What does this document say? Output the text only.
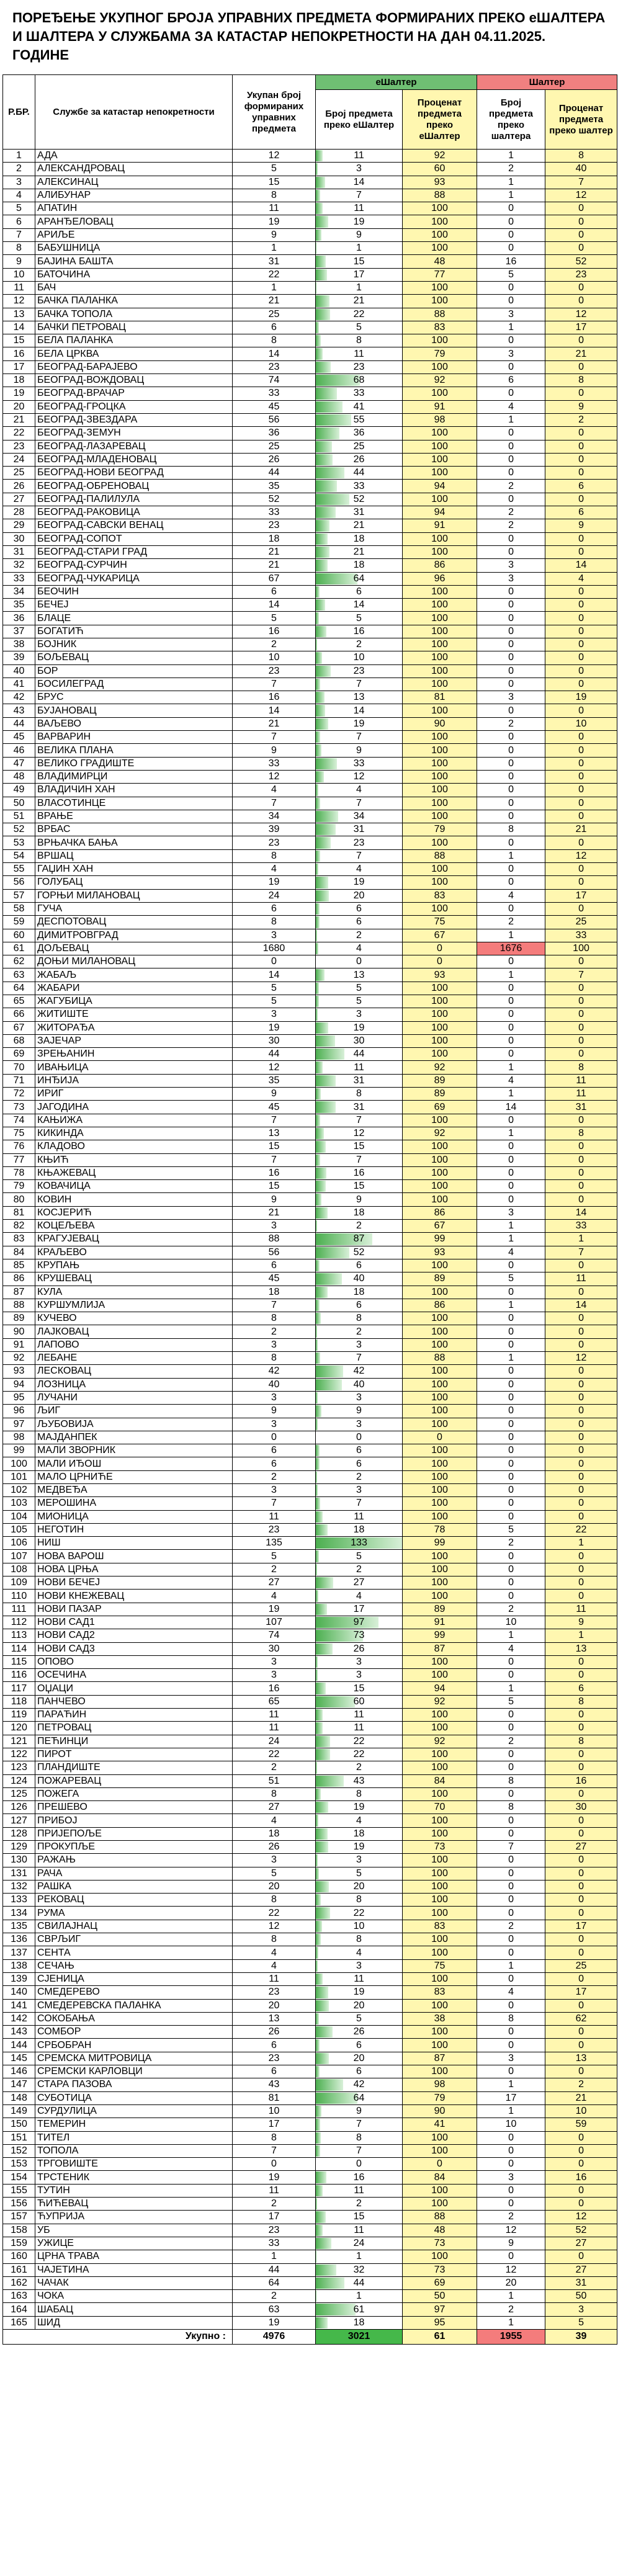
ПОРЕЂЕЊЕ УКУПНОГ БРОЈА УПРАВНИХ ПРЕДМЕТА ФОРМИРАНИХ ПРЕКО еШАЛТЕРА И ШАЛТЕРА У СЛУЖБАМА ЗА КАТАСТАР НЕПОКРЕТНОСТИ НА ДАН 04.11.2025. ГОДИНЕ
Р.БР.	Службе за катастар непокретности	Укупан број формираних управних предмета	еШалтер		Шалтер	
			Број предмета преко еШалтер	Проценат предмета преко еШалтер	Број предмета преко шалтера	Проценат предмета преко шалтер
1	АДА	12	11	92	1	8
2	АЛЕКСАНДРОВАЦ	5	3	60	2	40
3	АЛЕКСИНАЦ	15	14	93	1	7
4	АЛИБУНАР	8	7	88	1	12
5	АПАТИН	11	11	100	0	0
6	АРАНЂЕЛОВАЦ	19	19	100	0	0
7	АРИЉЕ	9	9	100	0	0
8	БАБУШНИЦА	1	1	100	0	0
9	БАЈИНА БАШТА	31	15	48	16	52
10	БАТОЧИНА	22	17	77	5	23
11	БАЧ	1	1	100	0	0
12	БАЧКА ПАЛАНКА	21	21	100	0	0
13	БАЧКА ТОПОЛА	25	22	88	3	12
14	БАЧКИ ПЕТРОВАЦ	6	5	83	1	17
15	БЕЛА ПАЛАНКА	8	8	100	0	0
16	БЕЛА ЦРКВА	14	11	79	3	21
17	БЕОГРАД-БАРАЈЕВО	23	23	100	0	0
18	БЕОГРАД-ВОЖДОВАЦ	74	68	92	6	8
19	БЕОГРАД-ВРАЧАР	33	33	100	0	0
20	БЕОГРАД-ГРОЦКА	45	41	91	4	9
21	БЕОГРАД-ЗВЕЗДАРА	56	55	98	1	2
22	БЕОГРАД-ЗЕМУН	36	36	100	0	0
23	БЕОГРАД-ЛАЗАРЕВАЦ	25	25	100	0	0
24	БЕОГРАД-МЛАДЕНОВАЦ	26	26	100	0	0
25	БЕОГРАД-НОВИ БЕОГРАД	44	44	100	0	0
26	БЕОГРАД-ОБРЕНОВАЦ	35	33	94	2	6
27	БЕОГРАД-ПАЛИЛУЛА	52	52	100	0	0
28	БЕОГРАД-РАКОВИЦА	33	31	94	2	6
29	БЕОГРАД-САВСКИ ВЕНАЦ	23	21	91	2	9
30	БЕОГРАД-СОПОТ	18	18	100	0	0
31	БЕОГРАД-СТАРИ ГРАД	21	21	100	0	0
32	БЕОГРАД-СУРЧИН	21	18	86	3	14
33	БЕОГРАД-ЧУКАРИЦА	67	64	96	3	4
34	БЕОЧИН	6	6	100	0	0
35	БЕЧЕЈ	14	14	100	0	0
36	БЛАЦЕ	5	5	100	0	0
37	БОГАТИЋ	16	16	100	0	0
38	БОЈНИК	2	2	100	0	0
39	БОЉЕВАЦ	10	10	100	0	0
40	БОР	23	23	100	0	0
41	БОСИЛЕГРАД	7	7	100	0	0
42	БРУС	16	13	81	3	19
43	БУЈАНОВАЦ	14	14	100	0	0
44	ВАЉЕВО	21	19	90	2	10
45	ВАРВАРИН	7	7	100	0	0
46	ВЕЛИКА ПЛАНА	9	9	100	0	0
47	ВЕЛИКО ГРАДИШТЕ	33	33	100	0	0
48	ВЛАДИМИРЦИ	12	12	100	0	0
49	ВЛАДИЧИН ХАН	4	4	100	0	0
50	ВЛАСОТИНЦЕ	7	7	100	0	0
51	ВРАЊЕ	34	34	100	0	0
52	ВРБАС	39	31	79	8	21
53	ВРЊАЧКА БАЊА	23	23	100	0	0
54	ВРШАЦ	8	7	88	1	12
55	ГАЏИН ХАН	4	4	100	0	0
56	ГОЛУБАЦ	19	19	100	0	0
57	ГОРЊИ МИЛАНОВАЦ	24	20	83	4	17
58	ГУЧА	6	6	100	0	0
59	ДЕСПОТОВАЦ	8	6	75	2	25
60	ДИМИТРОВГРАД	3	2	67	1	33
61	ДОЉЕВАЦ	1680	4	0	1676	100
62	ДОЊИ МИЛАНОВАЦ	0	0	0	0	0
63	ЖАБАЉ	14	13	93	1	7
64	ЖАБАРИ	5	5	100	0	0
65	ЖАГУБИЦА	5	5	100	0	0
66	ЖИТИШТЕ	3	3	100	0	0
67	ЖИТОРАЂА	19	19	100	0	0
68	ЗАЈЕЧАР	30	30	100	0	0
69	ЗРЕЊАНИН	44	44	100	0	0
70	ИВАЊИЦА	12	11	92	1	8
71	ИНЂИЈА	35	31	89	4	11
72	ИРИГ	9	8	89	1	11
73	ЈАГОДИНА	45	31	69	14	31
74	КАЊИЖА	7	7	100	0	0
75	КИКИНДА	13	12	92	1	8
76	КЛАДОВО	15	15	100	0	0
77	КЊИЋ	7	7	100	0	0
78	КЊАЖЕВАЦ	16	16	100	0	0
79	КОВАЧИЦА	15	15	100	0	0
80	КОВИН	9	9	100	0	0
81	КОСЈЕРИЋ	21	18	86	3	14
82	КОЦЕЉЕВА	3	2	67	1	33
83	КРАГУЈЕВАЦ	88	87	99	1	1
84	КРАЉЕВО	56	52	93	4	7
85	КРУПАЊ	6	6	100	0	0
86	КРУШЕВАЦ	45	40	89	5	11
87	КУЛА	18	18	100	0	0
88	КУРШУМЛИЈА	7	6	86	1	14
89	КУЧЕВО	8	8	100	0	0
90	ЛАЈКОВАЦ	2	2	100	0	0
91	ЛАПОВО	3	3	100	0	0
92	ЛЕБАНЕ	8	7	88	1	12
93	ЛЕСКОВАЦ	42	42	100	0	0
94	ЛОЗНИЦА	40	40	100	0	0
95	ЛУЧАНИ	3	3	100	0	0
96	ЉИГ	9	9	100	0	0
97	ЉУБОВИЈА	3	3	100	0	0
98	МАЈДАНПЕК	0	0	0	0	0
99	МАЛИ ЗВОРНИК	6	6	100	0	0
100	МАЛИ ИЂОШ	6	6	100	0	0
101	МАЛО ЦРНИЋЕ	2	2	100	0	0
102	МЕДВЕЂА	3	3	100	0	0
103	МЕРОШИНА	7	7	100	0	0
104	МИОНИЦА	11	11	100	0	0
105	НЕГОТИН	23	18	78	5	22
106	НИШ	135	133	99	2	1
107	НОВА ВАРОШ	5	5	100	0	0
108	НОВА ЦРЊА	2	2	100	0	0
109	НОВИ БЕЧЕЈ	27	27	100	0	0
110	НОВИ КНЕЖЕВАЦ	4	4	100	0	0
111	НОВИ ПАЗАР	19	17	89	2	11
112	НОВИ САД1	107	97	91	10	9
113	НОВИ САД2	74	73	99	1	1
114	НОВИ САД3	30	26	87	4	13
115	ОПОВО	3	3	100	0	0
116	ОСЕЧИНА	3	3	100	0	0
117	ОЏАЦИ	16	15	94	1	6
118	ПАНЧЕВО	65	60	92	5	8
119	ПАРАЋИН	11	11	100	0	0
120	ПЕТРОВАЦ	11	11	100	0	0
121	ПЕЋИНЦИ	24	22	92	2	8
122	ПИРОТ	22	22	100	0	0
123	ПЛАНДИШТЕ	2	2	100	0	0
124	ПОЖАРЕВАЦ	51	43	84	8	16
125	ПОЖЕГА	8	8	100	0	0
126	ПРЕШЕВО	27	19	70	8	30
127	ПРИБОЈ	4	4	100	0	0
128	ПРИЈЕПОЉЕ	18	18	100	0	0
129	ПРОКУПЉЕ	26	19	73	7	27
130	РАЖАЊ	3	3	100	0	0
131	РАЧА	5	5	100	0	0
132	РАШКА	20	20	100	0	0
133	РЕКОВАЦ	8	8	100	0	0
134	РУМА	22	22	100	0	0
135	СВИЛАЈНАЦ	12	10	83	2	17
136	СВРЉИГ	8	8	100	0	0
137	СЕНТА	4	4	100	0	0
138	СЕЧАЊ	4	3	75	1	25
139	СЈЕНИЦА	11	11	100	0	0
140	СМЕДЕРЕВО	23	19	83	4	17
141	СМЕДЕРЕВСКА ПАЛАНКА	20	20	100	0	0
142	СОКОБАЊА	13	5	38	8	62
143	СОМБОР	26	26	100	0	0
144	СРБОБРАН	6	6	100	0	0
145	СРЕМСКА МИТРОВИЦА	23	20	87	3	13
146	СРЕМСКИ КАРЛОВЦИ	6	6	100	0	0
147	СТАРА ПАЗОВА	43	42	98	1	2
148	СУБОТИЦА	81	64	79	17	21
149	СУРДУЛИЦА	10	9	90	1	10
150	ТЕМЕРИН	17	7	41	10	59
151	ТИТЕЛ	8	8	100	0	0
152	ТОПОЛА	7	7	100	0	0
153	ТРГОВИШТЕ	0	0	0	0	0
154	ТРСТЕНИК	19	16	84	3	16
155	ТУТИН	11	11	100	0	0
156	ЋИЋЕВАЦ	2	2	100	0	0
157	ЋУПРИЈА	17	15	88	2	12
158	УБ	23	11	48	12	52
159	УЖИЦЕ	33	24	73	9	27
160	ЦРНА ТРАВА	1	1	100	0	0
161	ЧАЈЕТИНА	44	32	73	12	27
162	ЧАЧАК	64	44	69	20	31
163	ЧОКА	2	1	50	1	50
164	ШАБАЦ	63	61	97	2	3
165	ШИД	19	18	95	1	5
Укупно :		4976	3021	61	1955	39
